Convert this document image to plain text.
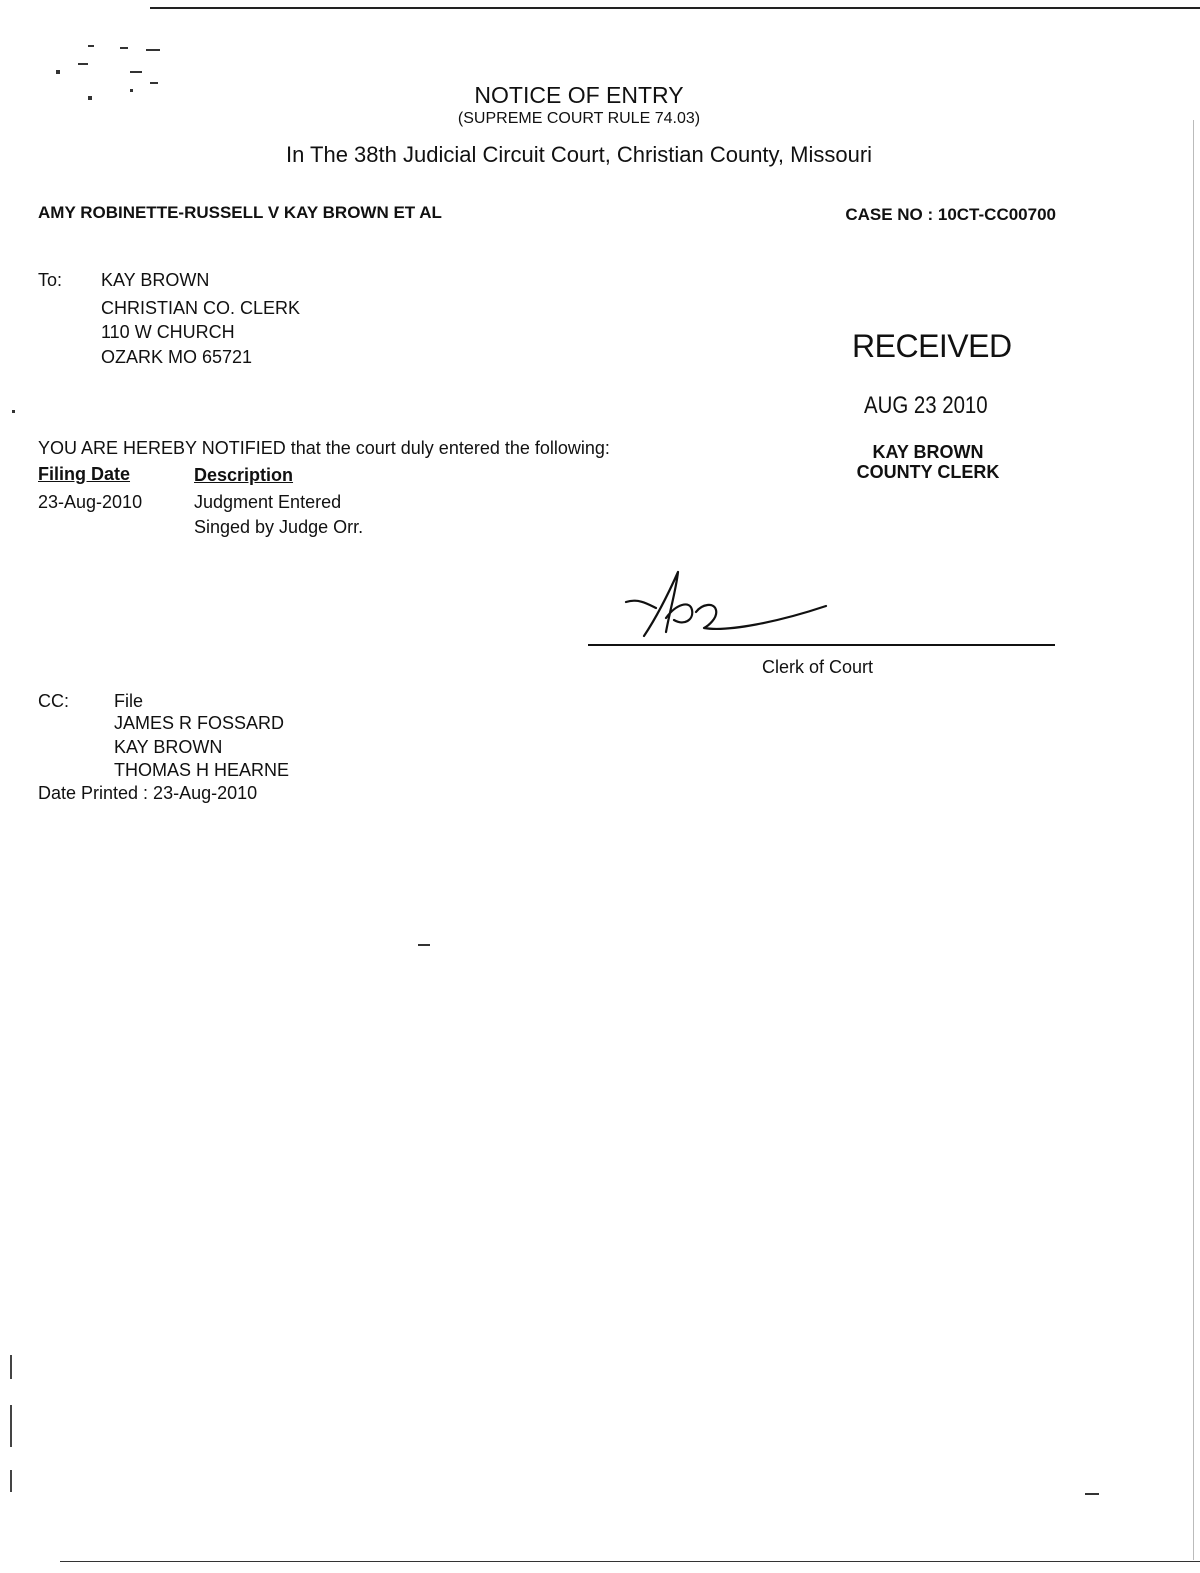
NOTICE OF ENTRY
(SUPREME COURT RULE 74.03)
In The 38th Judicial Circuit Court, Christian County, Missouri
AMY ROBINETTE-RUSSELL V KAY BROWN ET AL	CASE NO : 10CT-CC00700
To: KAY BROWN
CHRISTIAN CO. CLERK
110 W CHURCH
OZARK MO 65721	RECEIVED
AUG 23 2010
KAY BROWN
COUNTY CLERK
YOU ARE HEREBY NOTIFIED that the court duly entered the following:
Filing Date	Description
23-Aug-2010	Judgment Entered
Singed by Judge Orr.
Clerk of Court
CC:	File
JAMES R FOSSARD
KAY BROWN
THOMAS H HEARNE
Date Printed : 23-Aug-2010
